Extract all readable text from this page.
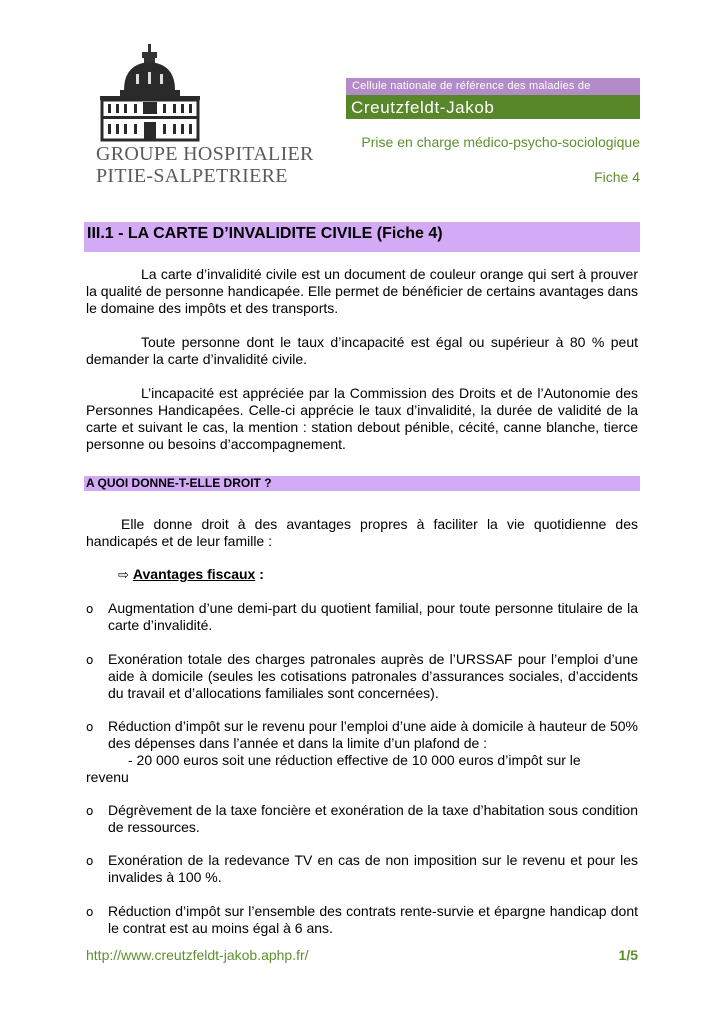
GROUPE HOSPITALIER
PITIE-SALPETRIERE
Cellule nationale de référence des maladies de
Creutzfeldt-Jakob
Prise en charge médico-psycho-sociologique
Fiche 4
III.1 - LA CARTE D’INVALIDITE CIVILE (Fiche 4)
La carte d’invalidité civile est un document de couleur orange qui sert à prouver la qualité de personne handicapée. Elle permet de bénéficier de certains avantages dans le domaine des impôts et des transports.
Toute personne dont le taux d’incapacité est égal ou supérieur à 80 % peut demander la carte d’invalidité civile.
L’incapacité est appréciée par la Commission des Droits et de l’Autonomie des Personnes Handicapées. Celle-ci apprécie le taux d’invalidité, la durée de validité de la carte et suivant le cas, la mention : station debout pénible, cécité, canne blanche, tierce personne ou besoins d’accompagnement.
A QUOI DONNE-T-ELLE DROIT ?
Elle donne droit à des avantages propres à faciliter la vie quotidienne des handicapés et de leur famille :
⇨ Avantages fiscaux :
o Augmentation d’une demi-part du quotient familial, pour toute personne titulaire de la carte d’invalidité.
o Exonération totale des charges patronales auprès de l’URSSAF pour l’emploi d’une aide à domicile (seules les cotisations patronales d’assurances sociales, d’accidents du travail et d’allocations familiales sont concernées).
o Réduction d’impôt sur le revenu pour l’emploi d’une aide à domicile à hauteur de 50% des dépenses dans l’année et dans la limite d’un plafond de :
- 20 000 euros soit une réduction effective de 10 000 euros d’impôt sur le
revenu
o Dégrèvement de la taxe foncière et exonération de la taxe d’habitation sous condition de ressources.
o Exonération de la redevance TV en cas de non imposition sur le revenu et pour les invalides à 100 %.
o Réduction d’impôt sur l’ensemble des contrats rente-survie et épargne handicap dont le contrat est au moins égal à 6 ans.
http://www.creutzfeldt-jakob.aphp.fr/	1/5
